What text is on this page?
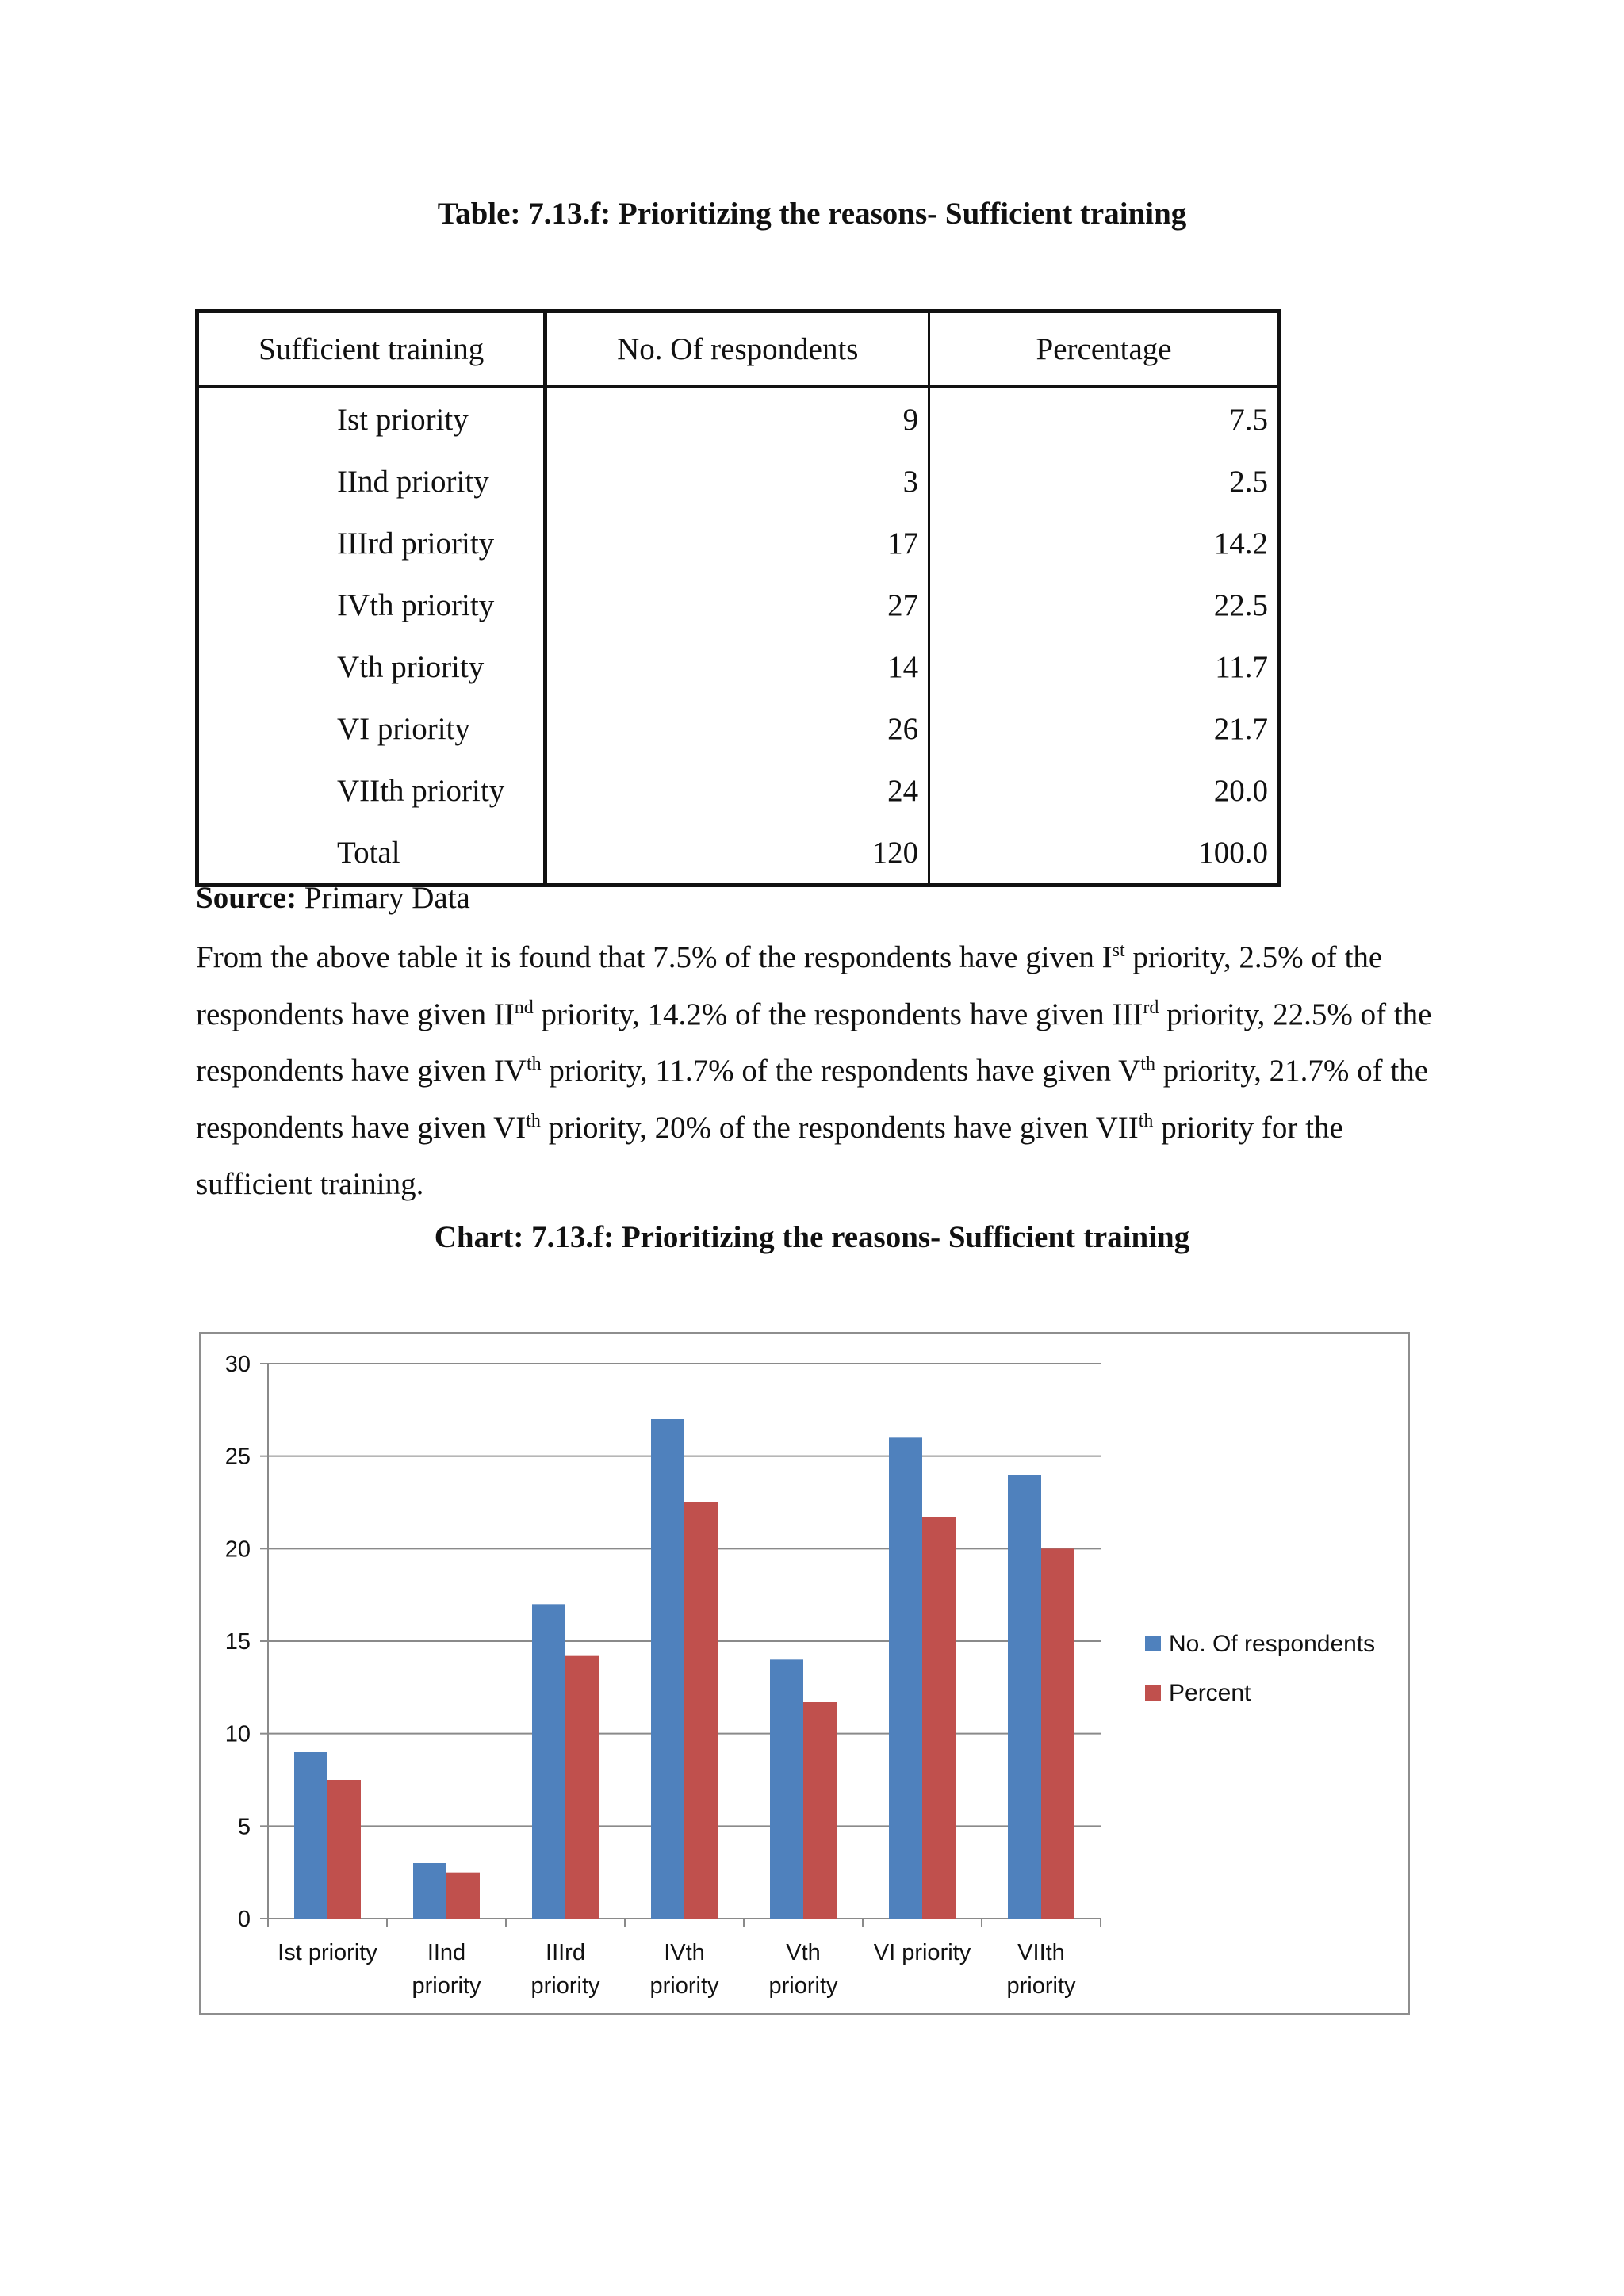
Table: 7.13.f: Prioritizing the reasons- Sufficient training
Sufficient training	No. Of respondents	Percentage
Ist priority	9	7.5
IInd priority	3	2.5
IIIrd priority	17	14.2
IVth priority	27	22.5
Vth priority	14	11.7
VI priority	26	21.7
VIIth priority	24	20.0
Total	120	100.0
Source: Primary Data
From the above table it is found that 7.5% of the respondents have given Ist priority, 2.5% of the respondents have given IInd priority, 14.2% of the respondents have given IIIrd priority, 22.5% of the respondents have given IVth priority, 11.7% of the respondents have given Vth priority, 21.7% of the respondents have given VIth priority, 20% of the respondents have given VIIth priority for the sufficient training.
Chart: 7.13.f: Prioritizing the reasons- Sufficient training
0
5
10
15
20
25
30
Ist priority IInd
priority
IIIrd
priority
IVth
priority
Vth
priority
VI priority VIIth
priority
No. Of respondents
Percent
